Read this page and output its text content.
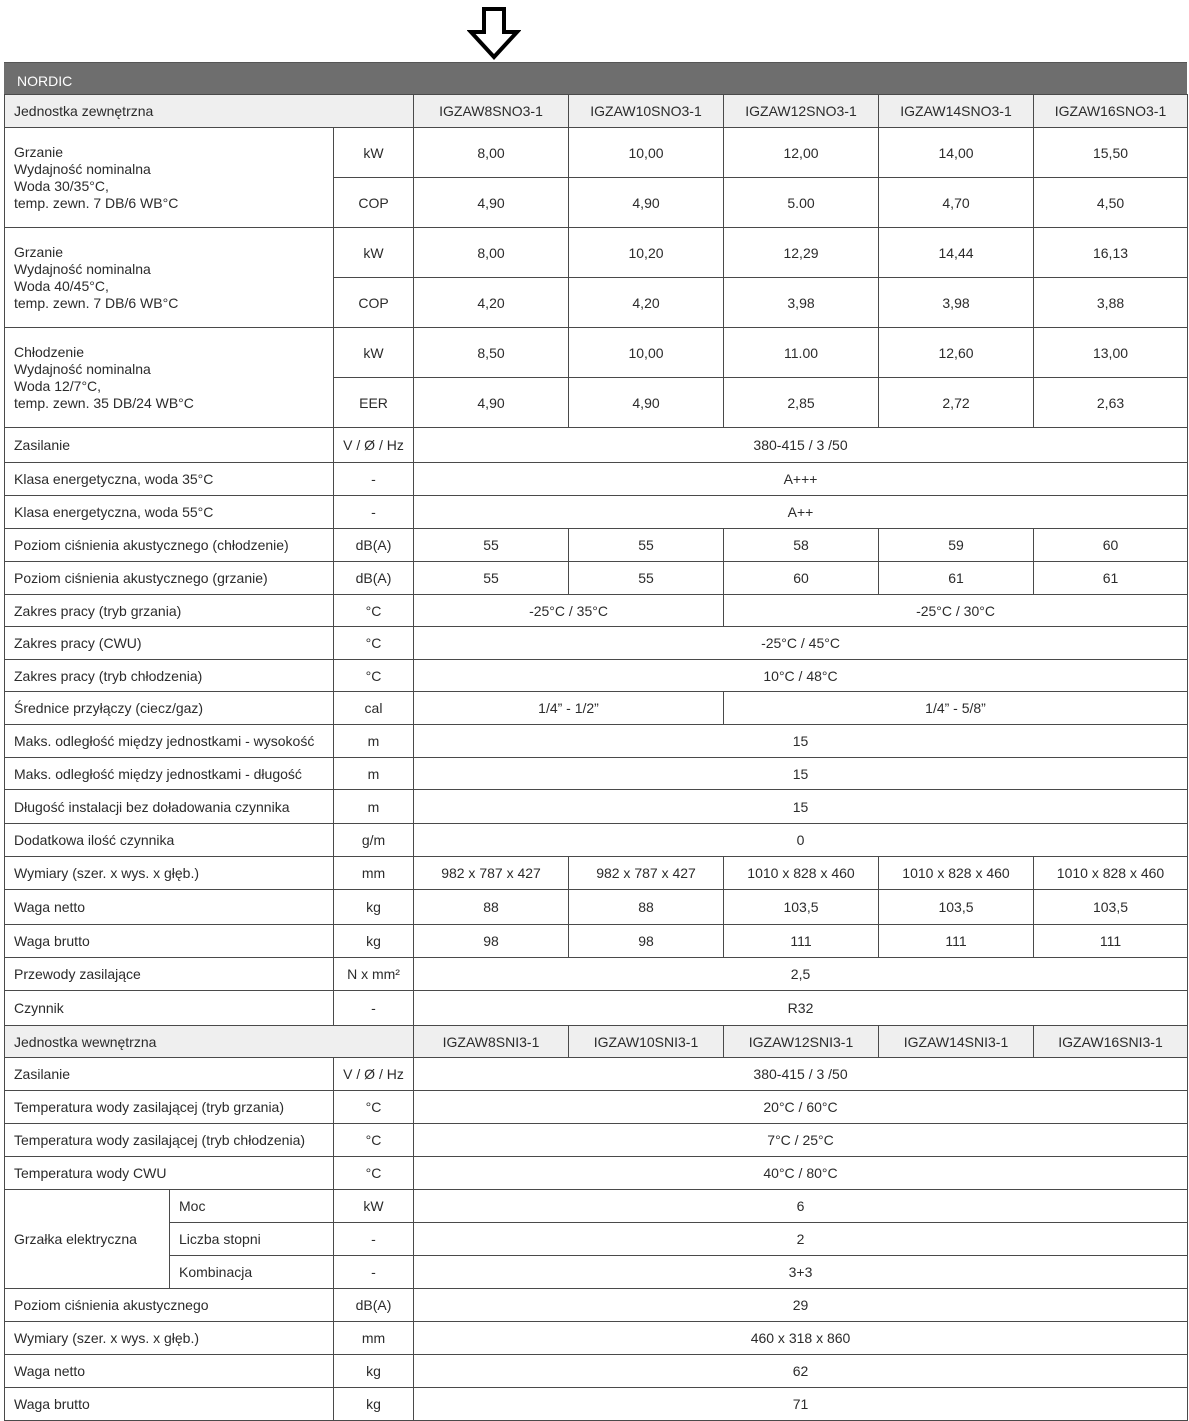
NORDIC
Jednostka zewnętrzna			IGZAW8SNO3-1	IGZAW10SNO3-1	IGZAW12SNO3-1	IGZAW14SNO3-1	IGZAW16SNO3-1
Grzanie
Wydajność nominalna
Woda 30/35°C,
temp. zewn. 7 DB/6 WB°C		kW	8,00	10,00	12,00	14,00	15,50
		COP	4,90	4,90	5.00	4,70	4,50
Grzanie
Wydajność nominalna
Woda 40/45°C,
temp. zewn. 7 DB/6 WB°C		kW	8,00	10,20	12,29	14,44	16,13
		COP	4,20	4,20	3,98	3,98	3,88
Chłodzenie
Wydajność nominalna
Woda 12/7°C,
temp. zewn. 35 DB/24 WB°C		kW	8,50	10,00	11.00	12,60	13,00
		EER	4,90	4,90	2,85	2,72	2,63
Zasilanie		V / Ø / Hz	380-415 / 3 /50				
Klasa energetyczna, woda 35°C		-	A+++				
Klasa energetyczna, woda 55°C		-	A++				
Poziom ciśnienia akustycznego (chłodzenie)		dB(A)	55	55	58	59	60
Poziom ciśnienia akustycznego (grzanie)		dB(A)	55	55	60	61	61
Zakres pracy (tryb grzania)		°C	-25°C / 35°C		-25°C / 30°C		
Zakres pracy (CWU)		°C	-25°C / 45°C				
Zakres pracy (tryb chłodzenia)		°C	10°C / 48°C				
Średnice przyłączy (ciecz/gaz)		cal	1/4” - 1/2”		1/4” - 5/8”		
Maks. odległość między jednostkami - wysokość		m	15				
Maks. odległość między jednostkami - długość		m	15				
Długość instalacji bez doładowania czynnika		m	15				
Dodatkowa ilość czynnika		g/m	0				
Wymiary (szer. x wys. x głęb.)		mm	982 x 787 x 427	982 x 787 x 427	1010 x 828 x 460	1010 x 828 x 460	1010 x 828 x 460
Waga netto		kg	88	88	103,5	103,5	103,5
Waga brutto		kg	98	98	111	111	111
Przewody zasilające		N x mm²	2,5				
Czynnik		-	R32				
Jednostka wewnętrzna			IGZAW8SNI3-1	IGZAW10SNI3-1	IGZAW12SNI3-1	IGZAW14SNI3-1	IGZAW16SNI3-1
Zasilanie		V / Ø / Hz	380-415 / 3 /50				
Temperatura wody zasilającej (tryb grzania)		°C	20°C / 60°C				
Temperatura wody zasilającej (tryb chłodzenia)		°C	7°C / 25°C				
Temperatura wody CWU		°C	40°C / 80°C				
Grzałka elektryczna	Moc	kW	6				
	Liczba stopni	-	2				
	Kombinacja	-	3+3				
Poziom ciśnienia akustycznego		dB(A)	29				
Wymiary (szer. x wys. x głęb.)		mm	460 x 318 x 860				
Waga netto		kg	62				
Waga brutto		kg	71				
